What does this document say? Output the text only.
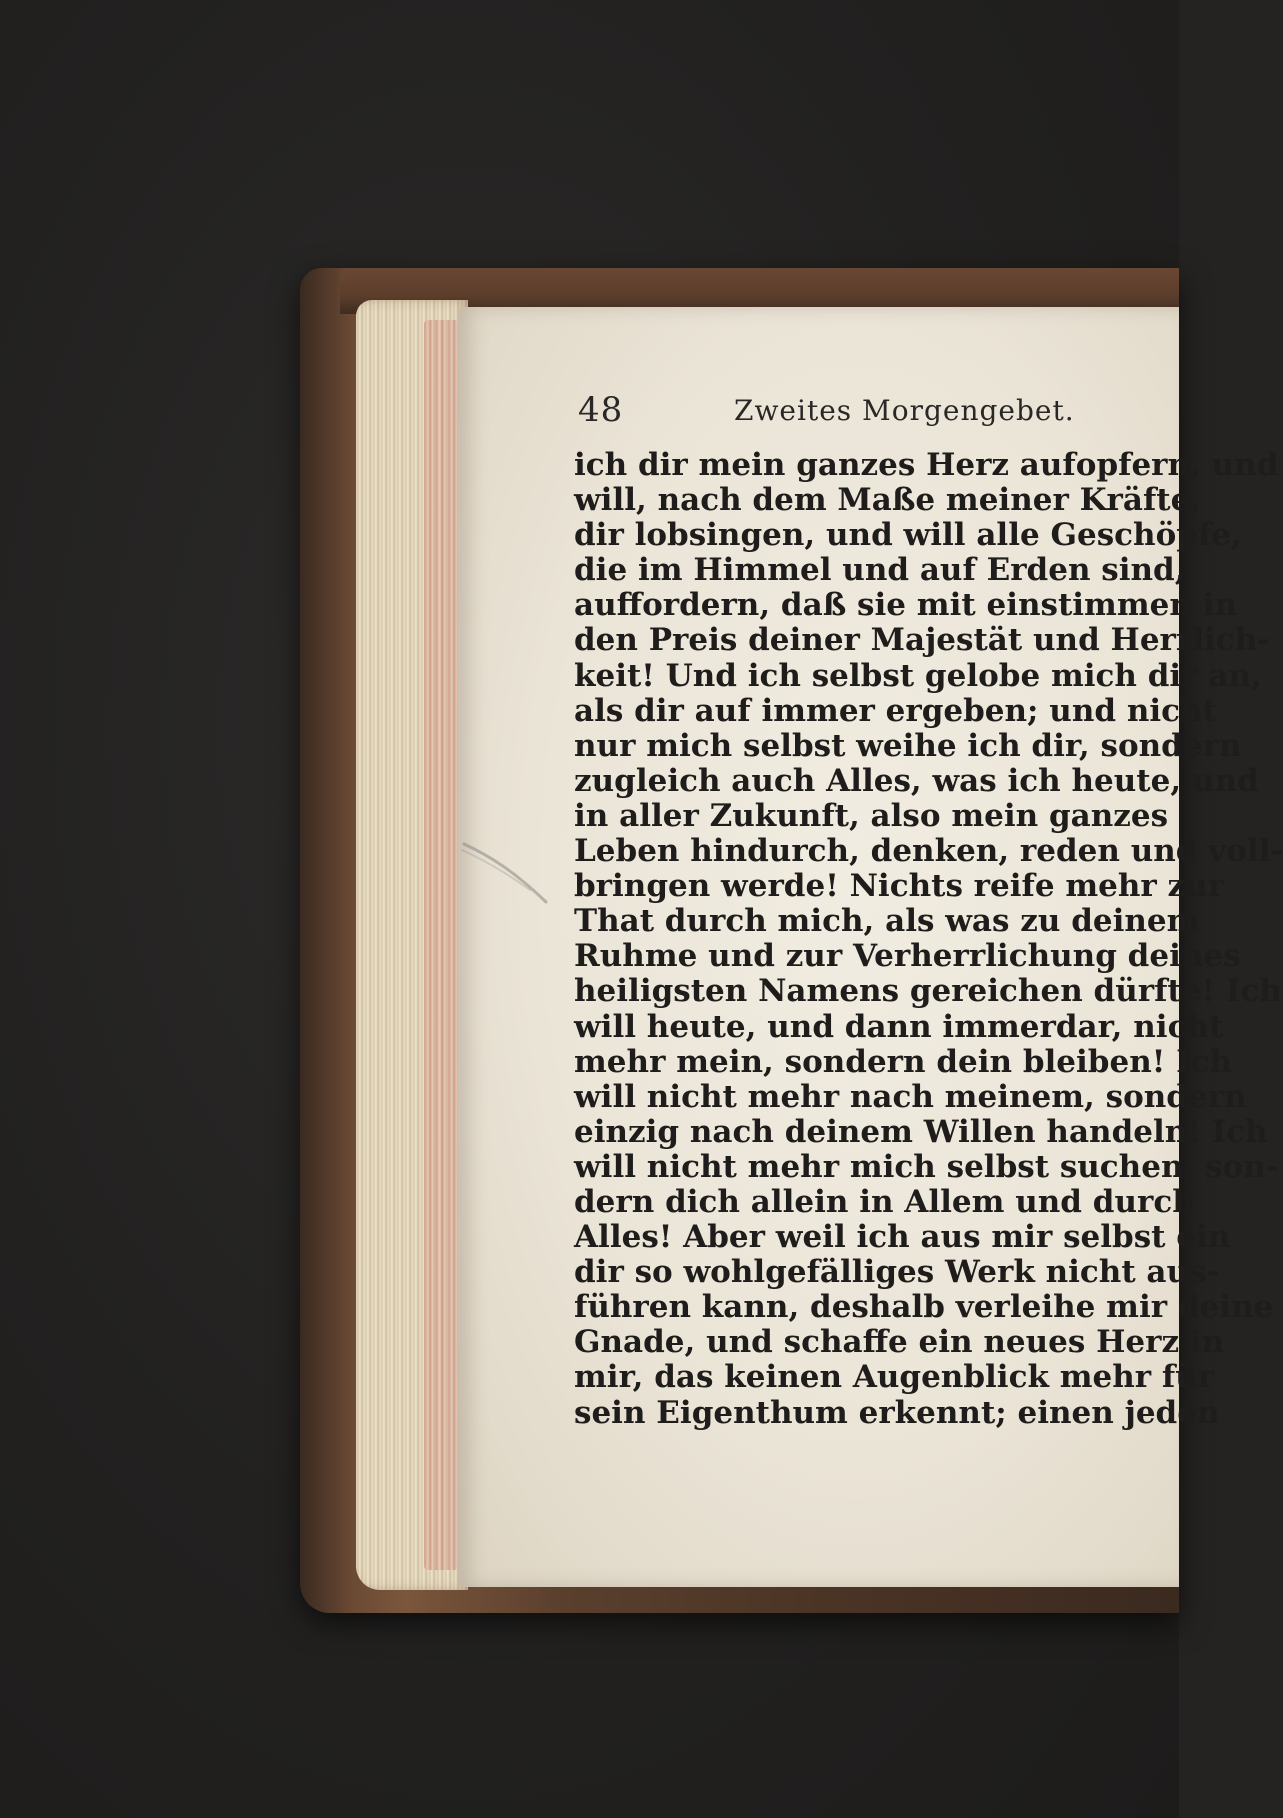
48	Zweites Morgengebet.
ich dir mein ganzes Herz aufopfern, und
will, nach dem Maße meiner Kräfte,
dir lobsingen, und will alle Geschöpfe,
die im Himmel und auf Erden sind,
auffordern, daß sie mit einstimmen in
den Preis deiner Majestät und Herrlich-
keit! Und ich selbst gelobe mich dir an,
als dir auf immer ergeben; und nicht
nur mich selbst weihe ich dir, sondern
zugleich auch Alles, was ich heute, und
in aller Zukunft, also mein ganzes
Leben hindurch, denken, reden und voll-
bringen werde! Nichts reife mehr zur
That durch mich, als was zu deinem
Ruhme und zur Verherrlichung deines
heiligsten Namens gereichen dürfte! Ich
will heute, und dann immerdar, nicht
mehr mein, sondern dein bleiben! Ich
will nicht mehr nach meinem, sondern
einzig nach deinem Willen handeln! Ich
will nicht mehr mich selbst suchen, son-
dern dich allein in Allem und durch
Alles! Aber weil ich aus mir selbst ein
dir so wohlgefälliges Werk nicht aus-
führen kann, deshalb verleihe mir deine
Gnade, und schaffe ein neues Herz in
mir, das keinen Augenblick mehr für
sein Eigenthum erkennt; einen jeden
